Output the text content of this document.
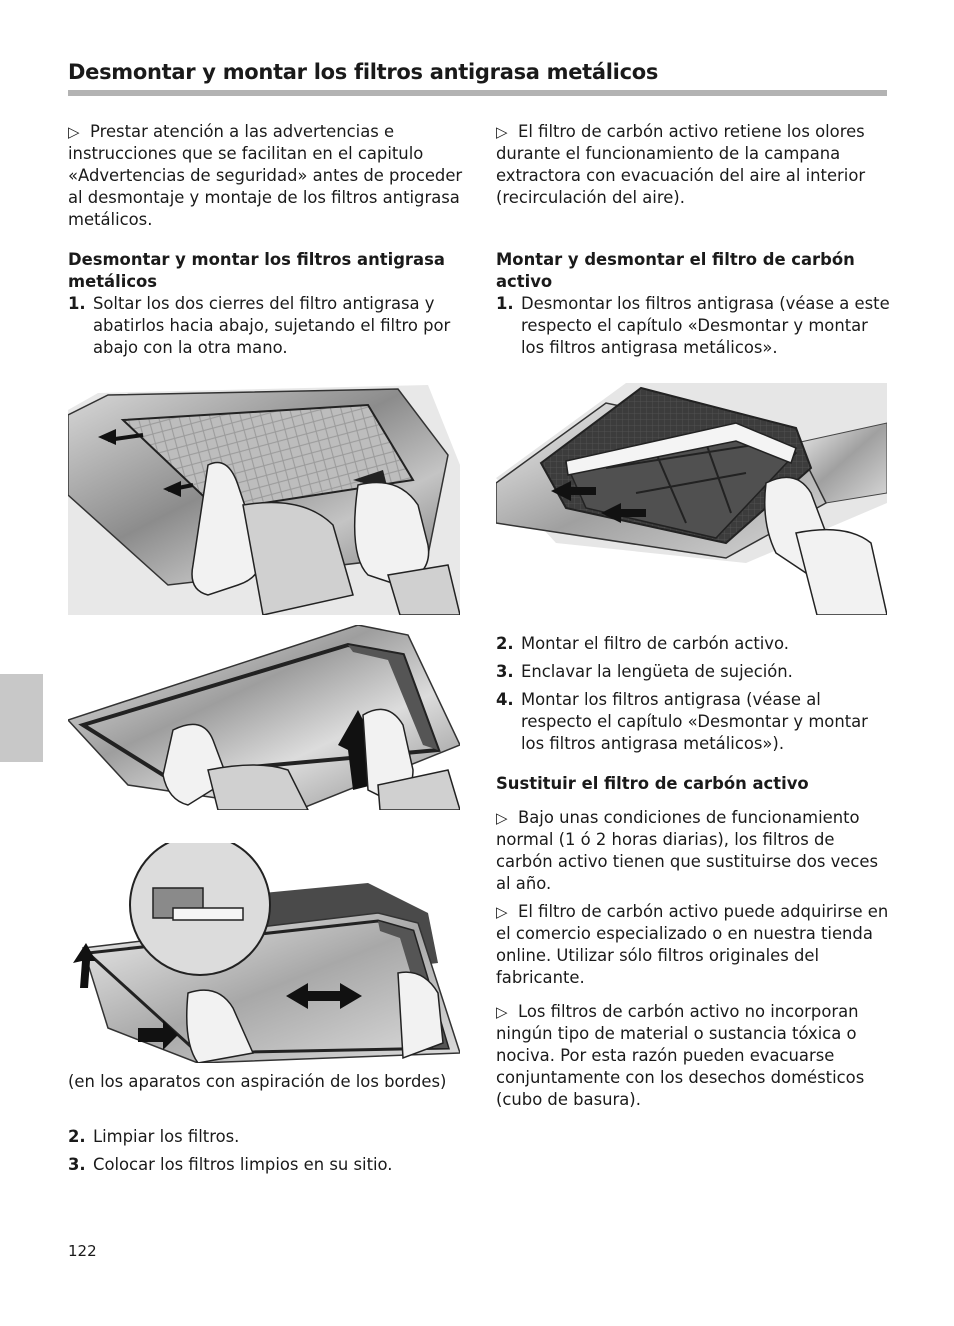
Desmontar y montar los filtros antigrasa metálicos

▷ Prestar atención a las advertencias e instrucciones que se facilitan en el capitulo «Advertencias de seguridad» antes de proceder al desmontaje y montaje de los filtros antigrasa metálicos.

Desmontar y montar los filtros antigrasa metálicos
1. Soltar los dos cierres del filtro antigrasa y abatirlos hacia abajo, sujetando el filtro por abajo con la otra mano.
(en los aparatos con aspiración de los bordes)
2. Limpiar los filtros.
3. Colocar los filtros limpios en su sitio.

▷ El filtro de carbón activo retiene los olores durante el funcionamiento de la campana extractora con evacuación del aire al interior (recirculación del aire).

Montar y desmontar el filtro de carbón activo
1. Desmontar los filtros antigrasa (véase a este respecto el capítulo «Desmontar y montar los filtros antigrasa metálicos».
2. Montar el filtro de carbón activo.
3. Enclavar la lengüeta de sujeción.
4. Montar los filtros antigrasa (véase al respecto el capítulo «Desmontar y montar los filtros antigrasa metálicos»).
Sustituir el filtro de carbón activo

▷ Bajo unas condiciones de funcionamiento normal (1 ó 2 horas diarias), los filtros de carbón activo tienen que sustituirse dos veces al año.

▷ El filtro de carbón activo puede adquirirse en el comercio especializado o en nuestra tienda online. Utilizar sólo filtros originales del fabricante.

▷ Los filtros de carbón activo no incorporan ningún tipo de material o sustancia tóxica o nociva. Por esta razón pueden evacuarse conjuntamente con los desechos domésticos (cubo de basura).

122
